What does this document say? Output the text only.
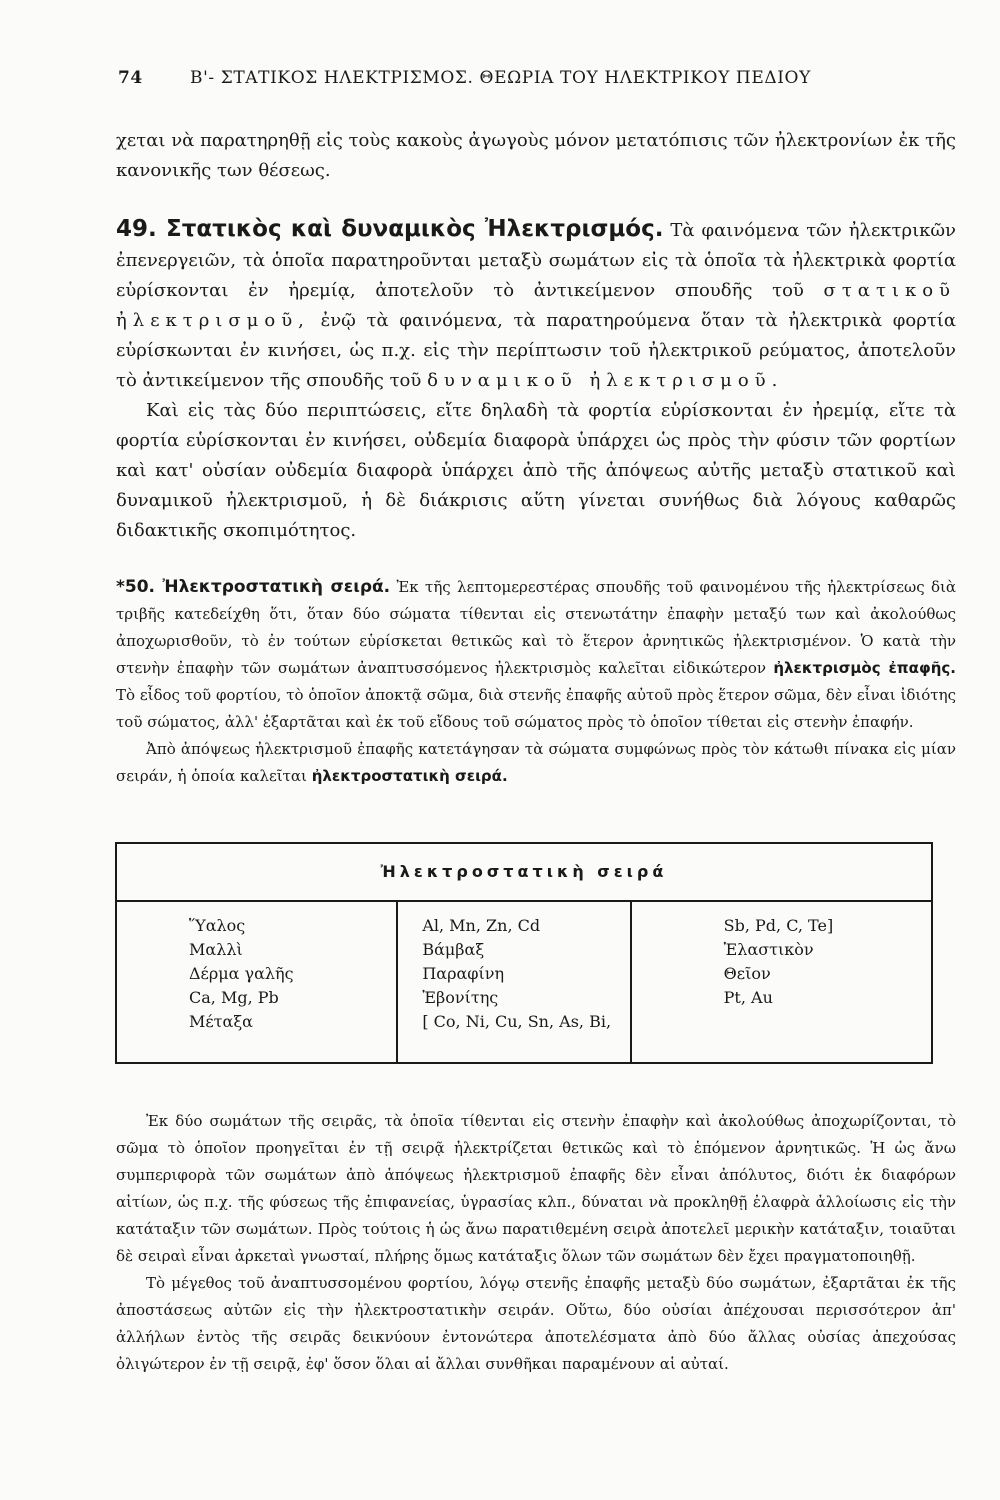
74	Β'- ΣΤΑΤΙΚΟΣ ΗΛΕΚΤΡΙΣΜΟΣ. ΘΕΩΡΙΑ ΤΟΥ ΗΛΕΚΤΡΙΚΟΥ ΠΕΔΙΟΥ

χεται νὰ παρατηρηθῇ εἰς τοὺς κακοὺς ἀγωγοὺς μόνον μετατόπισις τῶν ἠλεκτρονίων ἐκ τῆς κανονικῆς των θέσεως.

49. Στατικὸς καὶ δυναμικὸς Ἠλεκτρισμός. Τὰ φαινόμενα τῶν ἠλεκτρικῶν ἐπενεργειῶν, τὰ ὁποῖα παρατηροῦνται μεταξὺ σωμάτων εἰς τὰ ὁποῖα τὰ ἠλεκτρικὰ φορτία εὑρίσκονται ἐν ἠρεμίᾳ, ἀποτελοῦν τὸ ἀντικείμενον σπουδῆς τοῦ στατικοῦ ἠλεκτρισμοῦ, ἐνῷ τὰ φαινόμενα, τὰ παρατηρούμενα ὅταν τὰ ἠλεκτρικὰ φορτία εὑρίσκωνται ἐν κινήσει, ὡς π.χ. εἰς τὴν περίπτωσιν τοῦ ἠλεκτρικοῦ ρεύματος, ἀποτελοῦν τὸ ἀντικείμενον τῆς σπουδῆς τοῦ δυναμικοῦ ἠλεκτρισμοῦ.

Καὶ εἰς τὰς δύο περιπτώσεις, εἴτε δηλαδὴ τὰ φορτία εὑρίσκονται ἐν ἠρεμίᾳ, εἴτε τὰ φορτία εὑρίσκονται ἐν κινήσει, οὐδεμία διαφορὰ ὑπάρχει ὡς πρὸς τὴν φύσιν τῶν φορτίων καὶ κατ' οὐσίαν οὐδεμία διαφορὰ ὑπάρχει ἀπὸ τῆς ἀπόψεως αὐτῆς μεταξὺ στατικοῦ καὶ δυναμικοῦ ἠλεκτρισμοῦ, ἡ δὲ διάκρισις αὕτη γίνεται συνήθως διὰ λόγους καθαρῶς διδακτικῆς σκοπιμότητος.

*50. Ἠλεκτροστατικὴ σειρά. Ἐκ τῆς λεπτομερεστέρας σπουδῆς τοῦ φαινομένου τῆς ἠλεκτρίσεως διὰ τριβῆς κατεδείχθη ὅτι, ὅταν δύο σώματα τίθενται εἰς στενωτάτην ἐπαφὴν μεταξύ των καὶ ἀκολούθως ἀποχωρισθοῦν, τὸ ἐν τούτων εὑρίσκεται θετικῶς καὶ τὸ ἕτερον ἀρνητικῶς ἠλεκτρισμένον. Ὁ κατὰ τὴν στενὴν ἐπαφὴν τῶν σωμάτων ἀναπτυσσόμενος ἠλεκτρισμὸς καλεῖται εἰδικώτερον ἠλεκτρισμὸς ἐπαφῆς. Τὸ εἶδος τοῦ φορτίου, τὸ ὁποῖον ἀποκτᾷ σῶμα, διὰ στενῆς ἐπαφῆς αὐτοῦ πρὸς ἕτερον σῶμα, δὲν εἶναι ἰδιότης τοῦ σώματος, ἀλλ' ἐξαρτᾶται καὶ ἐκ τοῦ εἴδους τοῦ σώματος πρὸς τὸ ὁποῖον τίθεται εἰς στενὴν ἐπαφήν.

Ἀπὸ ἀπόψεως ἠλεκτρισμοῦ ἐπαφῆς κατετάγησαν τὰ σώματα συμφώνως πρὸς τὸν κάτωθι πίνακα εἰς μίαν σειράν, ἡ ὁποία καλεῖται ἠλεκτροστατικὴ σειρά.

Ἠλεκτροστατικὴ σειρά
Ὕαλος
Μαλλὶ
Δέρμα γαλῆς
Ca, Mg, Pb
Μέταξα
Al, Mn, Zn, Cd
Βάμβαξ
Παραφίνη
Ἐβονίτης
[ Co, Ni, Cu, Sn, As, Bi,
Sb, Pd, C, Te]
Ἐλαστικὸν
Θεῖον
Pt, Au

Ἐκ δύο σωμάτων τῆς σειρᾶς, τὰ ὁποῖα τίθενται εἰς στενὴν ἐπαφὴν καὶ ἀκολούθως ἀποχωρίζονται, τὸ σῶμα τὸ ὁποῖον προηγεῖται ἐν τῇ σειρᾷ ἠλεκτρίζεται θετικῶς καὶ τὸ ἑπόμενον ἀρνητικῶς. Ἡ ὡς ἄνω συμπεριφορὰ τῶν σωμάτων ἀπὸ ἀπόψεως ἠλεκτρισμοῦ ἐπαφῆς δὲν εἶναι ἀπόλυτος, διότι ἐκ διαφόρων αἰτίων, ὡς π.χ. τῆς φύσεως τῆς ἐπιφανείας, ὑγρασίας κλπ., δύναται νὰ προκληθῇ ἐλαφρὰ ἀλλοίωσις εἰς τὴν κατάταξιν τῶν σωμάτων. Πρὸς τούτοις ἡ ὡς ἄνω παρατιθεμένη σειρὰ ἀποτελεῖ μερικὴν κατάταξιν, τοιαῦται δὲ σειραὶ εἶναι ἀρκεταὶ γνωσταί, πλήρης ὅμως κατάταξις ὅλων τῶν σωμάτων δὲν ἔχει πραγματοποιηθῇ.

Τὸ μέγεθος τοῦ ἀναπτυσσομένου φορτίου, λόγῳ στενῆς ἐπαφῆς μεταξὺ δύο σωμάτων, ἐξαρτᾶται ἐκ τῆς ἀποστάσεως αὐτῶν εἰς τὴν ἠλεκτροστατικὴν σειράν. Οὕτω, δύο οὐσίαι ἀπέχουσαι περισσότερον ἀπ' ἀλλήλων ἐντὸς τῆς σειρᾶς δεικνύουν ἐντονώτερα ἀποτελέσματα ἀπὸ δύο ἄλλας οὐσίας ἀπεχούσας ὀλιγώτερον ἐν τῇ σειρᾷ, ἐφ' ὅσον ὅλαι αἱ ἄλλαι συνθῆκαι παραμένουν αἱ αὐταί.
